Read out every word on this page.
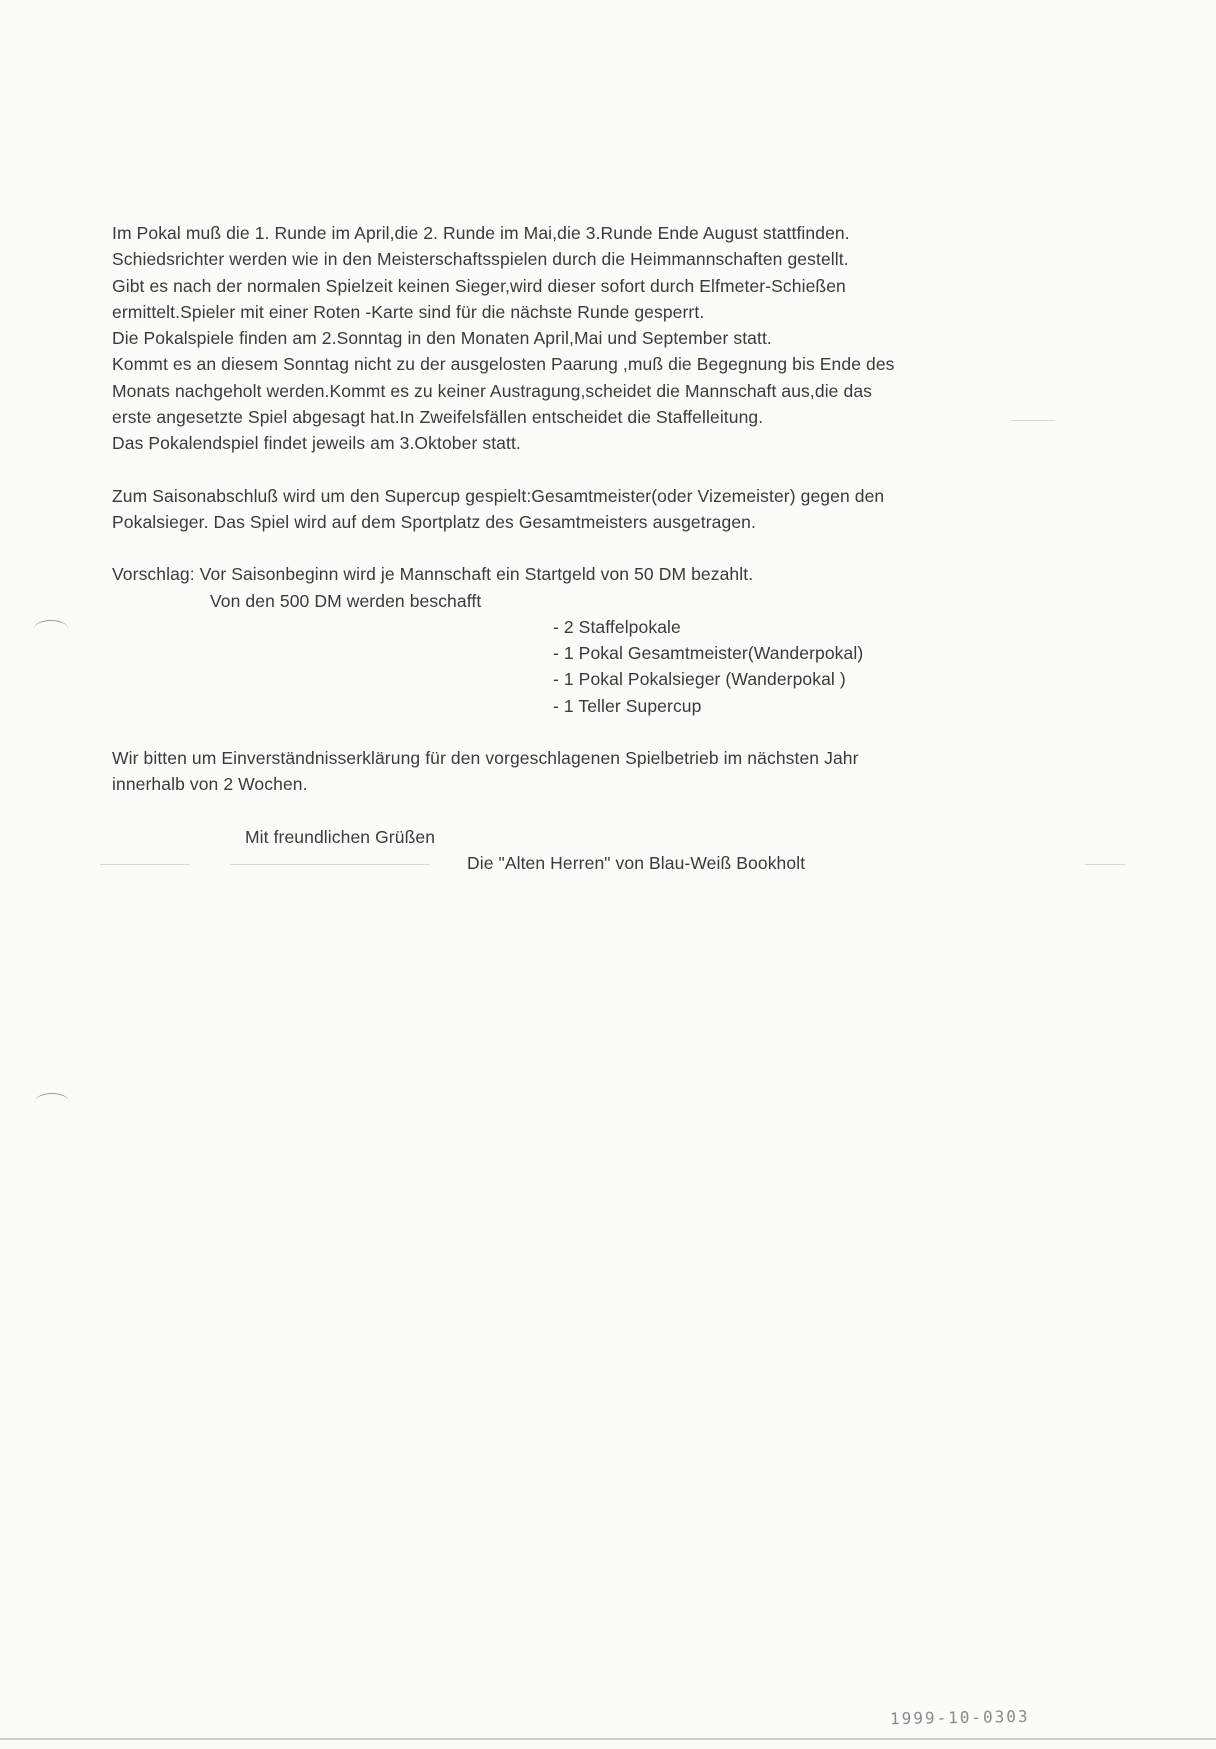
Im Pokal muß die 1. Runde im April,die 2. Runde im Mai,die 3.Runde Ende August stattfinden.
Schiedsrichter werden wie in den Meisterschaftsspielen durch die Heimmannschaften gestellt.
Gibt es nach der normalen Spielzeit keinen Sieger,wird dieser sofort durch Elfmeter-Schießen
ermittelt.Spieler mit einer Roten -Karte sind für die nächste Runde gesperrt.
Die Pokalspiele finden am 2.Sonntag in den Monaten April,Mai und September statt.
Kommt es an diesem Sonntag nicht zu der ausgelosten Paarung ,muß die Begegnung bis Ende des
Monats nachgeholt werden.Kommt es zu keiner Austragung,scheidet die Mannschaft aus,die das
erste angesetzte Spiel abgesagt hat.In Zweifelsfällen entscheidet die Staffelleitung.
Das Pokalendspiel findet jeweils am 3.Oktober statt.
Zum Saisonabschluß wird um den Supercup gespielt:Gesamtmeister(oder Vizemeister) gegen den
Pokalsieger. Das Spiel wird auf dem Sportplatz des Gesamtmeisters ausgetragen.
Vorschlag: Vor Saisonbeginn wird je Mannschaft ein Startgeld von 50 DM bezahlt.
Von den 500 DM werden beschafft
- 2 Staffelpokale
- 1 Pokal Gesamtmeister(Wanderpokal)
- 1 Pokal Pokalsieger (Wanderpokal )
- 1 Teller Supercup
Wir bitten um Einverständnisserklärung für den vorgeschlagenen Spielbetrieb im nächsten Jahr
innerhalb von 2 Wochen.
Mit freundlichen Grüßen
Die "Alten Herren" von Blau-Weiß Bookholt
1999-10-0303
